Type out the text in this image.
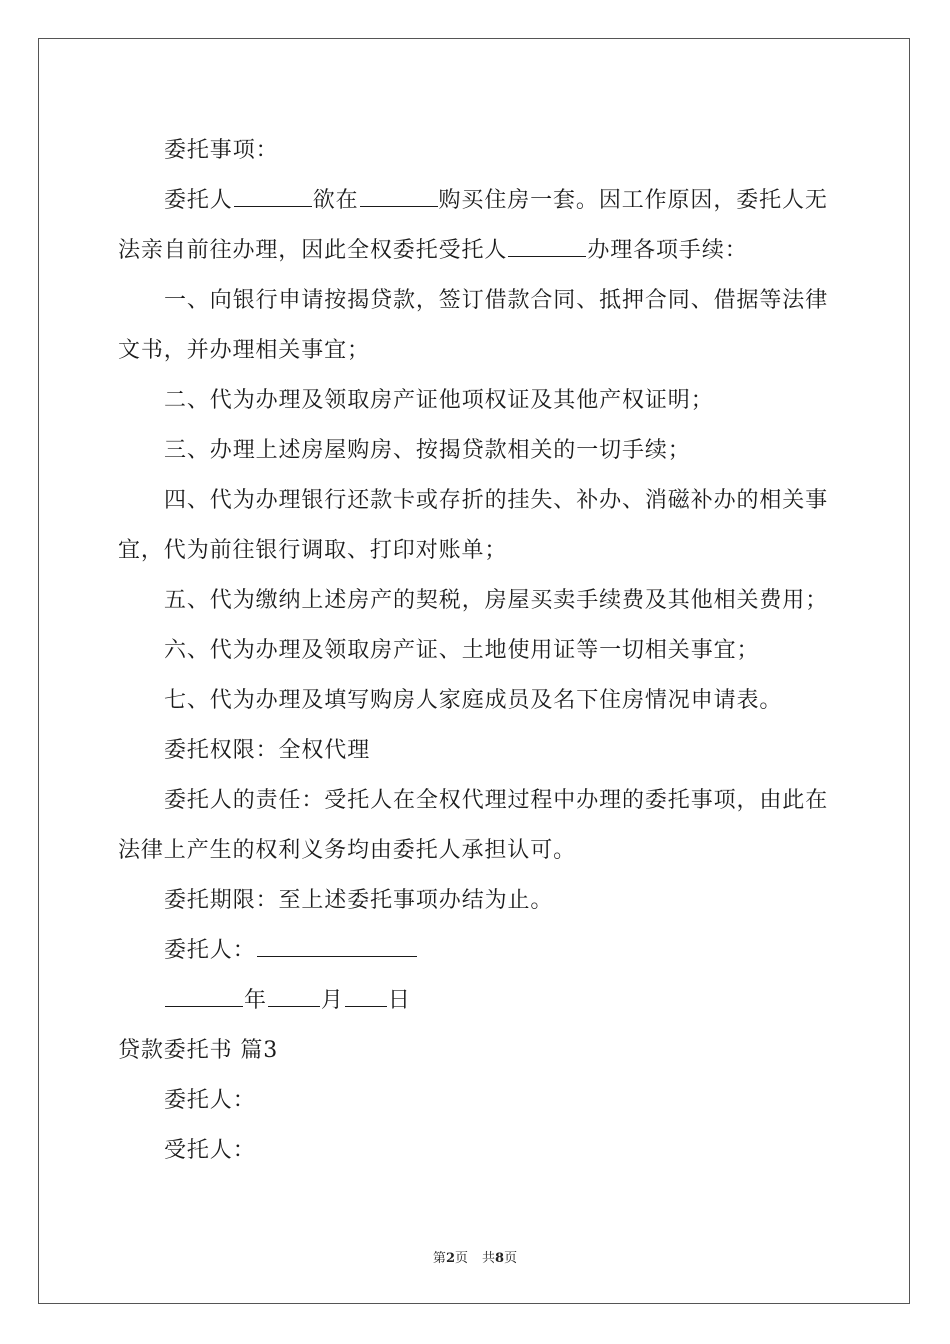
委托事项：

委托人	欲在	购买住房一套。因工作原因，委托人无法亲自前往办理，因此全权委托受托人	办理各项手续：

一、向银行申请按揭贷款，签订借款合同、抵押合同、借据等法律文书，并办理相关事宜；

二、代为办理及领取房产证他项权证及其他产权证明；

三、办理上述房屋购房、按揭贷款相关的一切手续；

四、代为办理银行还款卡或存折的挂失、补办、消磁补办的相关事宜，代为前往银行调取、打印对账单；

五、代为缴纳上述房产的契税，房屋买卖手续费及其他相关费用；

六、代为办理及领取房产证、土地使用证等一切相关事宜；

七、代为办理及填写购房人家庭成员及名下住房情况申请表。

委托权限：全权代理

委托人的责任：受托人在全权代理过程中办理的委托事项，由此在法律上产生的权利义务均由委托人承担认可。

委托期限：至上述委托事项办结为止。

委托人：

年 月 日

贷款委托书 篇3

委托人：

受托人：

第2页 共8页
